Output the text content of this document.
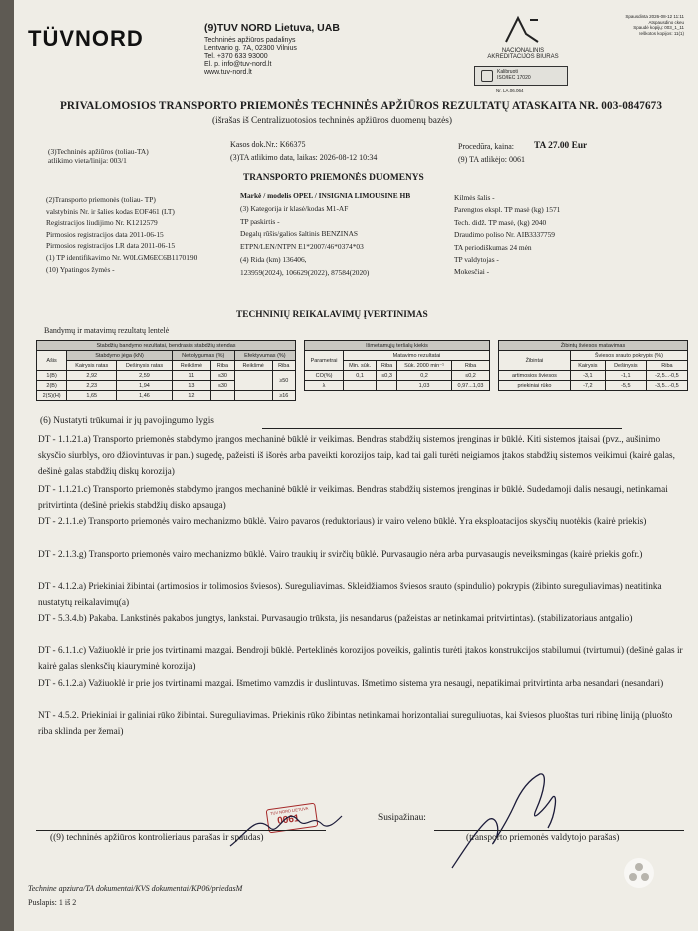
TÜVNORD	(9)TUV NORD Lietuva, UAB
Techninės apžiūros padalinys
Lentvario g. 7A, 02300 Vilnius
Tel. +370 633 93000
El. p. info@tuv-nord.lt
www.tuv-nord.lt
NACIONALINIS
AKREDITACIJOS BIURAS
Kalibruoti
ISO/IEC 17020
Nr. LA.06.064
Spausdinta 2026-08-12 11:11
Atspausdino ckeu
Spaudė kopijų: 003_1_11
Ieškotos kopijos: 11(1)
PRIVALOMOSIOS TRANSPORTO PRIEMONĖS TECHNINĖS APŽIŪROS REZULTATŲ ATASKAITA NR. 003-0847673
(išrašas iš Centralizuotosios techninės apžiūros duomenų bazės)
(3)Techninės apžiūros (toliau-TA)
atlikimo vieta/linija: 003/1
Kasos dok.Nr.: K66375
(3)TA atlikimo data, laikas: 2026-08-12 10:34
Procedūra, kaina: TA 27.00 Eur
(9) TA atlikėjo: 0061
TRANSPORTO PRIEMONĖS DUOMENYS
(2)Transporto priemonės (toliau- TP)
valstybinis Nr. ir šalies kodas EOF461 (LT)
Registracijos liudijimo Nr. K1212579
Pirmosios registracijos data 2011-06-15
Pirmosios registracijos LR data 2011-06-15
(1) TP identifikavimo Nr. W0LGM6EC6B1170190
(10) Ypatingos žymės -
Markė / modelis OPEL / INSIGNIA LIMOUSINE HB
(3) Kategorija ir klasė/kodas M1-AF
TP paskirtis -
Degalų rūšis/galios šaltinis BENZINAS
ETPN/LEN/NTPN E1*2007/46*0374*03
(4) Rida (km) 136406,
123959(2024), 106629(2022), 87584(2020)
Kilmės šalis -
Parengtos ekspl. TP masė (kg) 1571
Tech. didž. TP masė, (kg) 2040
Draudimo poliso Nr. AIB3337759
TA periodiškumas 24 mėn
TP valdytojas -
Mokesčiai -
TECHNINIŲ REIKALAVIMŲ ĮVERTINIMAS
Bandymų ir matavimų rezultatų lentelė
Stabdžių bandymo rezultatai, bendrasis stabdžių stendas						
Ašis	Stabdymo jėga (kN)		Netolygumas (%)		Efektyvumas (%)	
	Kairysis ratas	Dešinysis ratas	Reikšmė	Riba	Reikšmė	Riba
1(B)	2,92	2,59	11	≤30		≥50
2(B)	2,23	1,94	13	≤30		
2(S)(H)	1,65	1,46	12			≥16
Išmetamųjų teršalų kiekis				
Parametrai	Matavimo rezultatai			
	Min. sūk.	Riba	Sūk. 2000 min⁻¹	Riba
CO(%)	0,1	≤0,3	0,2	≤0,2
λ			1,03	0,97...1,03
Žibintų šviesos matavimas			
Žibintai	Šviesos srauto pokrypis (%)		
	Kairysis	Dešinysis	Riba
artimosios šviesos	-3,1	-1,1	-2,5...-0,5
priekiniai rūko	-7,2	-5,5	-3,5...-0,5
(6) Nustatyti trūkumai ir jų pavojingumo lygis
DT - 1.1.21.a) Transporto priemonės stabdymo įrangos mechaninė būklė ir veikimas. Bendras stabdžių sistemos įrenginas ir būklė. Kiti sistemos įtaisai (pvz., aušinimo skysčio siurblys, oro džiovintuvas ir pan.) sugedę, pažeisti iš išorės arba paveikti korozijos taip, kad tai gali turėti neigiamos įtakos stabdžių sistemos veikimui (kairė galas, dešinė galas stabdžių diskų korozija)
DT - 1.1.21.c) Transporto priemonės stabdymo įrangos mechaninė būklė ir veikimas. Bendras stabdžių sistemos įrenginas ir būklė. Sudedamoji dalis nesaugi, netinkamai pritvirtinta (dešinė priekis stabdžių disko apsauga)
DT - 2.1.1.e) Transporto priemonės vairo mechanizmo būklė. Vairo pavaros (reduktoriaus) ir vairo veleno būklė. Yra eksploatacijos skysčių nuotėkis (kairė priekis)
DT - 2.1.3.g) Transporto priemonės vairo mechanizmo būklė. Vairo traukių ir svirčių būklė. Purvasaugio nėra arba purvasaugis neveiksmingas (kairė priekis gofr.)
DT - 4.1.2.a) Priekiniai žibintai (artimosios ir tolimosios šviesos). Sureguliavimas. Skleidžiamos šviesos srauto (spindulio) pokrypis (žibinto sureguliavimas) neatitinka nustatytų reikalavimų(a)
DT - 5.3.4.b) Pakaba. Lankstinės pakabos jungtys, lankstai. Purvasaugio trūksta, jis nesandarus (pažeistas ar netinkamai pritvirtintas). (stabilizatoriaus antgalio)
DT - 6.1.1.c) Važiuoklė ir prie jos tvirtinami mazgai. Bendroji būklė. Perteklinės korozijos poveikis, galintis turėti įtakos konstrukcijos stabilumui (tvirtumui) (dešinė galas ir kairė galas slenksčių kiauryminė korozija)
DT - 6.1.2.a) Važiuoklė ir prie jos tvirtinami mazgai. Išmetimo vamzdis ir duslintuvas. Išmetimo sistema yra nesaugi, nepatikimai pritvirtinta arba nesandari (nesandari)
NT - 4.5.2. Priekiniai ir galiniai rūko žibintai. Sureguliavimas. Priekinis rūko žibintas netinkamai horizontaliai sureguliuotas, kai šviesos pluoštas turi ribinę liniją (pluošto riba sklinda per žemai)
TUV NORD LIETUVA
0061	Susipažinau:
((9) techninės apžiūros kontrolieriaus parašas ir spaudas)	(transporto priemonės valdytojo parašas)
Technine apziura/TA dokumentai/KVS dokumentai/KP06/priedasM
Puslapis: 1 iš 2
